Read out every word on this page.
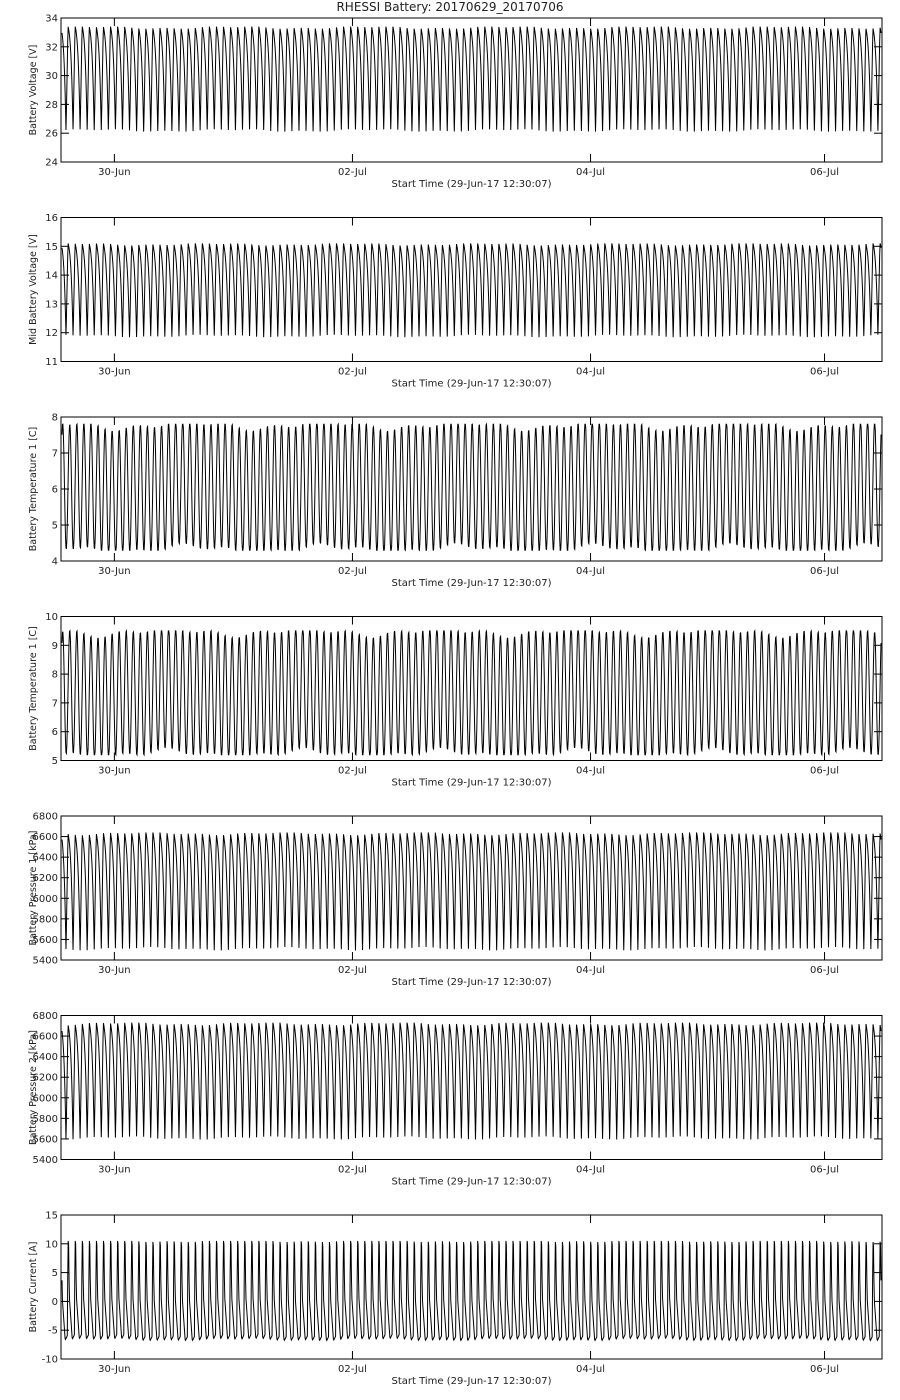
RHESSI Battery: 20170629_20170706
24
26
28
30
32
34
Battery Voltage [V]
30-Jun	02-Jul	04-Jul	06-Jul
Start Time (29-Jun-17 12:30:07)
11
12
13
14
15
16
Mid Battery Voltage [V]
30-Jun	02-Jul	04-Jul	06-Jul
Start Time (29-Jun-17 12:30:07)
4
5
6
7
8
Battery Temperature 1 [C]
30-Jun	02-Jul	04-Jul	06-Jul
Start Time (29-Jun-17 12:30:07)
5
6
7
8
9
10
Battery Temperature 1 [C]
30-Jun	02-Jul	04-Jul	06-Jul
Start Time (29-Jun-17 12:30:07)
5400
5600
5800
6000
6200
6400
6600
6800
Battery Pressure 1 [kPa]
30-Jun	02-Jul	04-Jul	06-Jul
Start Time (29-Jun-17 12:30:07)
5400
5600
5800
6000
6200
6400
6600
6800
Battery Pressure 2 [kPa]
30-Jun	02-Jul	04-Jul	06-Jul
Start Time (29-Jun-17 12:30:07)
-10
-5
0
5
10
15
Battery Current [A]
30-Jun	02-Jul	04-Jul	06-Jul
Start Time (29-Jun-17 12:30:07)
